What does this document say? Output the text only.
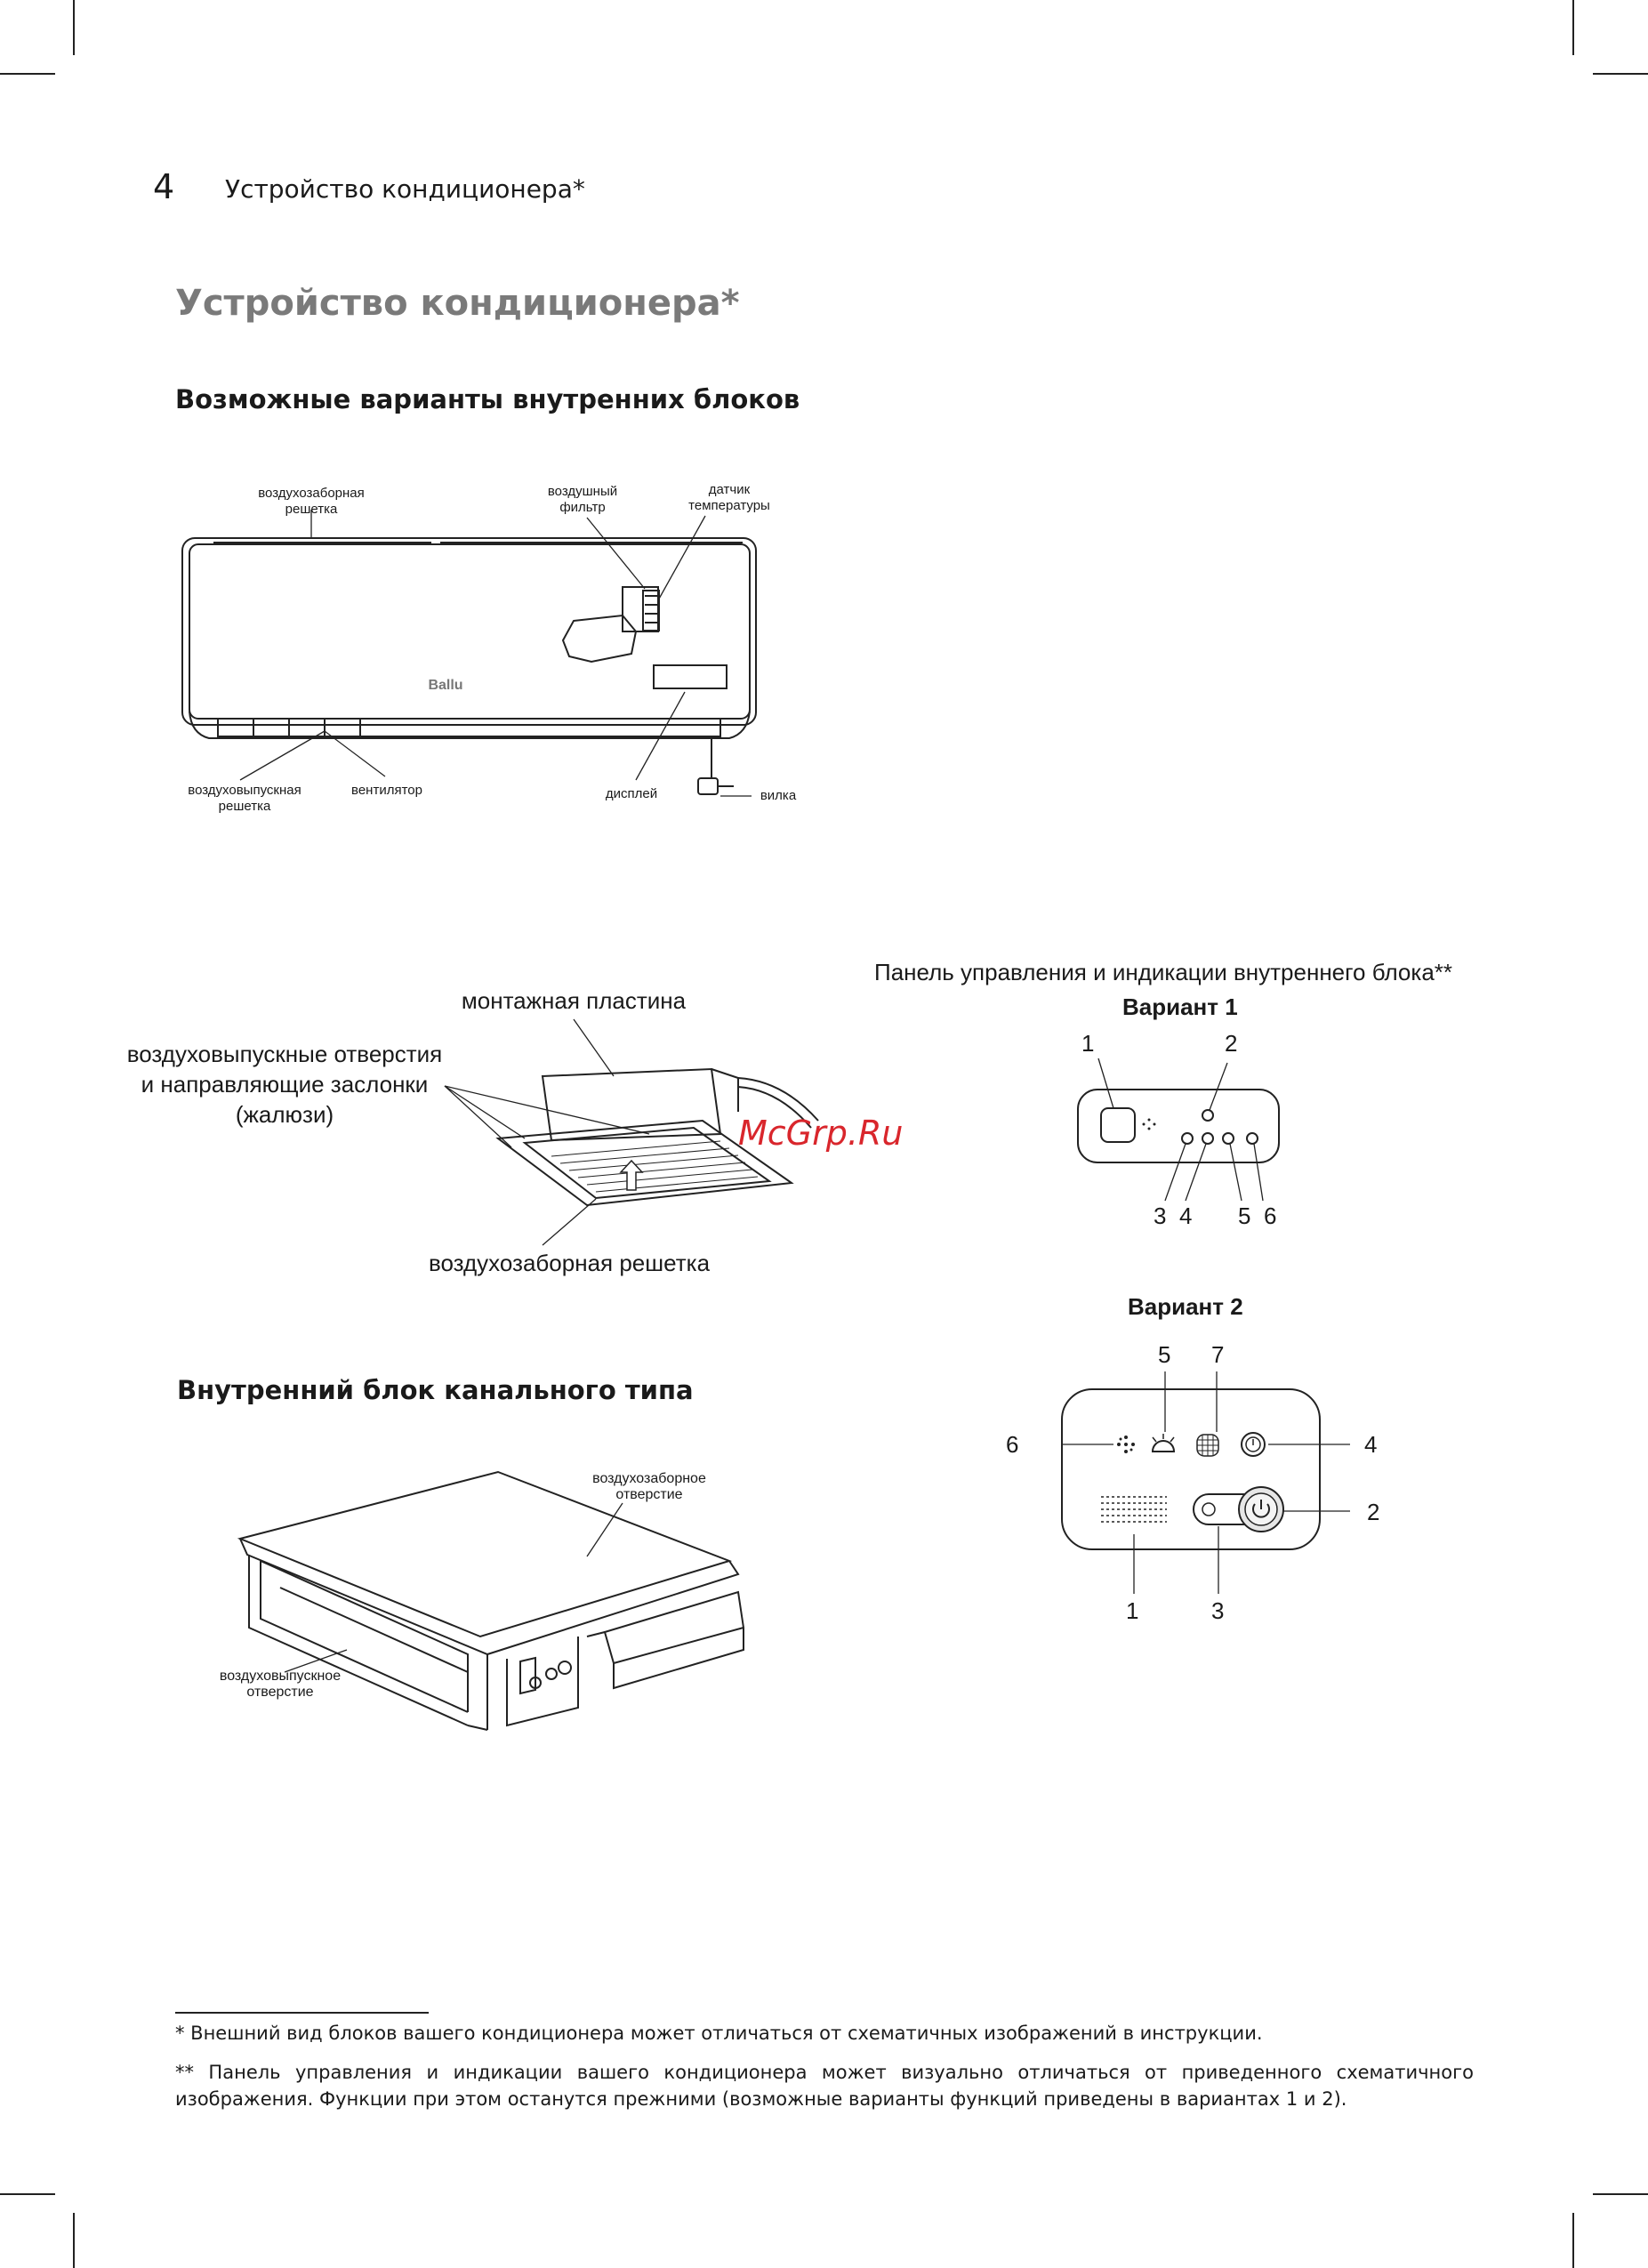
4 Устройство кондиционера*
Устройство кондиционера*
Возможные варианты внутренних блоков
Ballu
воздухозаборная решетка
воздушный фильтр
датчик температуры
воздуховыпускная решетка
вентилятор	дисплей	вилка
монтажная пластина
воздуховыпускные отверстия и направляющие заслонки (жалюзи)
воздухозаборная решетка
McGrp.Ru
Панель управления и индикации внутреннего блока**
Вариант 1
1	2
3 4 5 6
Вариант 2
5 7
6	4
2
1	3
Внутренний блок канального типа
воздухозаборное отверстие
воздуховыпускное отверстие
* Внешний вид блоков вашего кондиционера может отличаться от схематичных изображений в инструкции.
** Панель управления и индикации вашего кондиционера может визуально отличаться от приведенного схематичного изображения. Функции при этом останутся прежними (возможные варианты функций приведены в вариантах 1 и 2).
